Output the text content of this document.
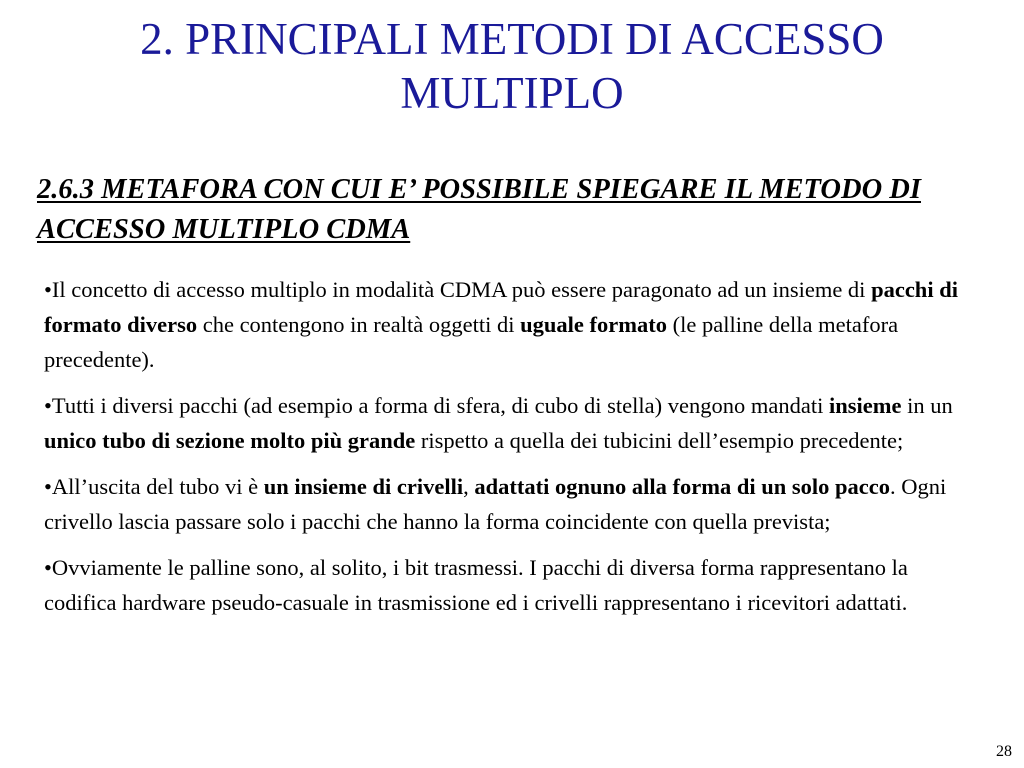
2. PRINCIPALI METODI DI ACCESSO MULTIPLO
2.6.3 METAFORA CON CUI E’ POSSIBILE SPIEGARE IL METODO DI ACCESSO MULTIPLO CDMA
•Il concetto di accesso multiplo in modalità CDMA può essere paragonato ad un insieme di pacchi di formato diverso che contengono in realtà oggetti di uguale formato (le palline della metafora precedente).
•Tutti i diversi pacchi (ad esempio a forma di sfera, di cubo di stella) vengono mandati insieme in un unico tubo di sezione molto più grande rispetto a quella dei tubicini dell’esempio precedente;
•All’uscita del tubo vi è un insieme di crivelli, adattati ognuno alla forma di un solo pacco. Ogni crivello lascia passare solo i pacchi che hanno la forma coincidente con quella prevista;
•Ovviamente le palline sono, al solito, i bit trasmessi. I pacchi di diversa forma rappresentano la codifica hardware pseudo-casuale in trasmissione ed i crivelli rappresentano i ricevitori adattati.
28
